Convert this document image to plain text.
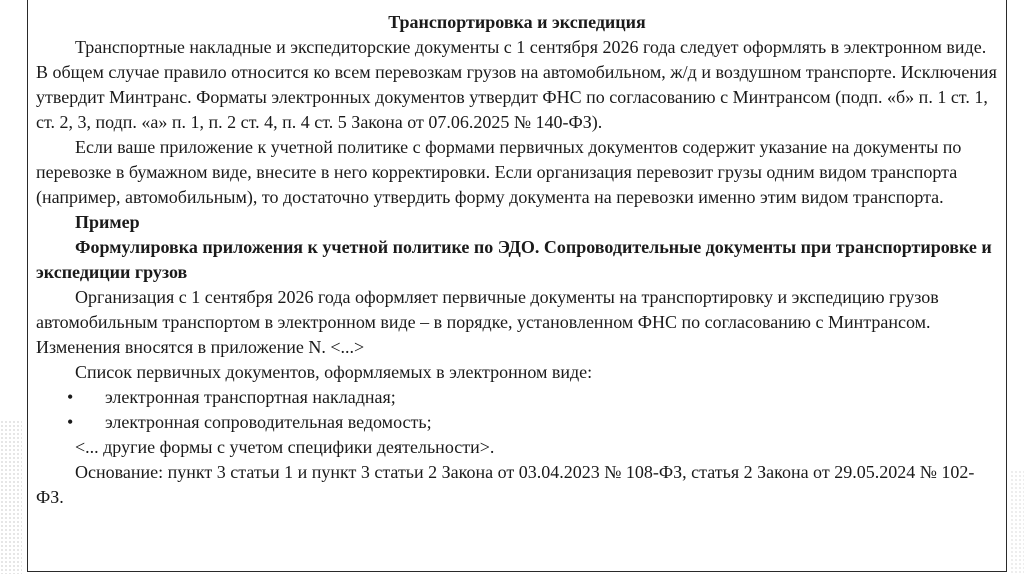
Транспортировка и экспедиция

Транспортные накладные и экспедиторские документы с 1 сентября 2026 года следует оформлять в электронном виде. В общем случае правило относится ко всем перевозкам грузов на автомобильном, ж/д и воздушном транспорте. Исключения утвердит Минтранс. Форматы электронных документов утвердит ФНС по согласованию с Минтрансом (подп. «б» п. 1 ст. 1, ст. 2, 3, подп. «а» п. 1, п. 2 ст. 4, п. 4 ст. 5 Закона от 07.06.2025 № 140-ФЗ).

Если ваше приложение к учетной политике с формами первичных документов содержит указание на документы по перевозке в бумажном виде, внесите в него корректировки. Если организация перевозит грузы одним видом транспорта (например, автомобильным), то достаточно утвердить форму документа на перевозки именно этим видом транспорта.

Пример

Формулировка приложения к учетной политике по ЭДО. Сопроводительные документы при транспортировке и экспедиции грузов

Организация с 1 сентября 2026 года оформляет первичные документы на транспортировку и экспедицию грузов автомобильным транспортом в электронном виде – в порядке, установленном ФНС по согласованию с Минтрансом. Изменения вносятся в приложение N. <...>

Список первичных документов, оформляемых в электронном виде:

•	электронная транспортная накладная;
•	электронная сопроводительная ведомость;

<... другие формы с учетом специфики деятельности>.

Основание: пункт 3 статьи 1 и пункт 3 статьи 2 Закона от 03.04.2023 № 108-ФЗ, статья 2 Закона от 29.05.2024 № 102-ФЗ.
